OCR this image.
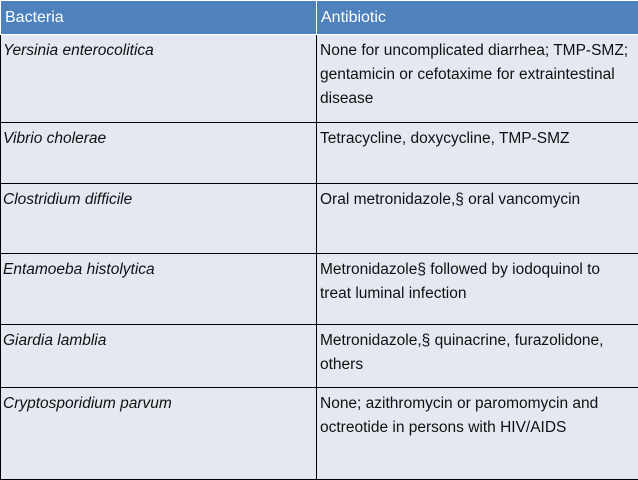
Bacteria	Antibiotic
Yersinia enterocolitica	None for uncomplicated diarrhea; TMP-SMZ; gentamicin or cefotaxime for extraintestinal disease
Vibrio cholerae	Tetracycline, doxycycline, TMP-SMZ
Clostridium difficile	Oral metronidazole,§ oral vancomycin
Entamoeba histolytica	Metronidazole§ followed by iodoquinol to treat luminal infection
Giardia lamblia	Metronidazole,§ quinacrine, furazolidone, others
Cryptosporidium parvum	None; azithromycin or paromomycin and octreotide in persons with HIV/AIDS
